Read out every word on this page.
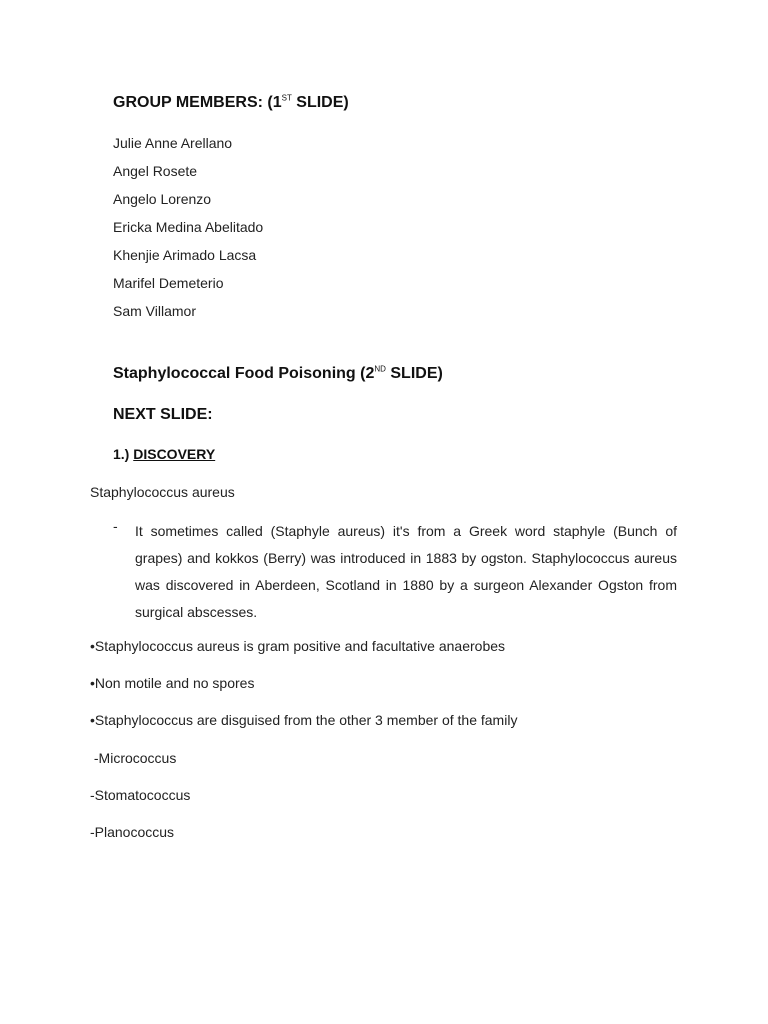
GROUP MEMBERS: (1ST SLIDE)
Julie Anne Arellano
Angel Rosete
Angelo Lorenzo
Ericka Medina Abelitado
Khenjie Arimado Lacsa
Marifel Demeterio
Sam Villamor
Staphylococcal Food Poisoning (2ND SLIDE)
NEXT SLIDE:
1.) DISCOVERY
Staphylococcus aureus
- It sometimes called (Staphyle aureus) it's from a Greek word staphyle (Bunch of grapes) and kokkos (Berry) was introduced in 1883 by ogston. Staphylococcus aureus was discovered in Aberdeen, Scotland in 1880 by a surgeon Alexander Ogston from surgical abscesses.
•Staphylococcus aureus is gram positive and facultative anaerobes
•Non motile and no spores
•Staphylococcus are disguised from the other 3 member of the family
-Micrococcus
-Stomatococcus
-Planococcus
